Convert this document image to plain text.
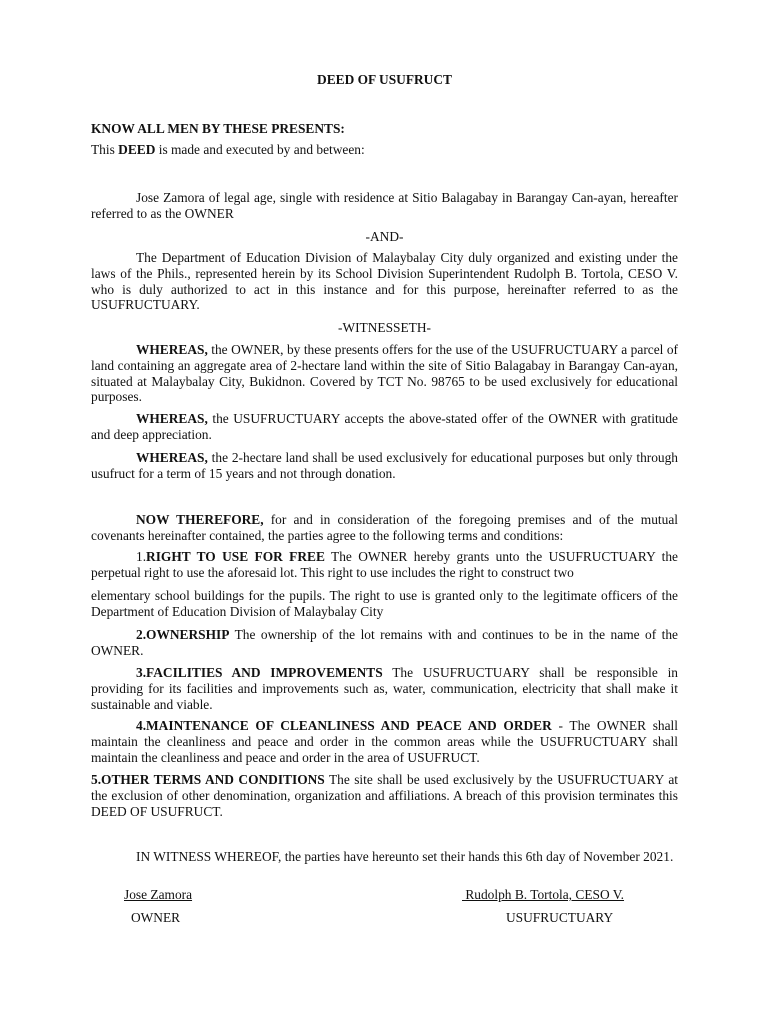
DEED OF USUFRUCT

KNOW ALL MEN BY THESE PRESENTS:

This DEED is made and executed by and between:

Jose Zamora of legal age, single with residence at Sitio Balagabay in Barangay Can-ayan, hereafter referred to as the OWNER

-AND-

The Department of Education Division of Malaybalay City duly organized and existing under the laws of the Phils., represented herein by its School Division Superintendent Rudolph B. Tortola, CESO V. who is duly authorized to act in this instance and for this purpose, hereinafter referred to as the USUFRUCTUARY.

-WITNESSETH-

WHEREAS, the OWNER, by these presents offers for the use of the USUFRUCTUARY a parcel of land containing an aggregate area of 2-hectare land within the site of Sitio Balagabay in Barangay Can-ayan, situated at Malaybalay City, Bukidnon. Covered by TCT No. 98765 to be used exclusively for educational purposes.

WHEREAS, the USUFRUCTUARY accepts the above-stated offer of the OWNER with gratitude and deep appreciation.

WHEREAS, the 2-hectare land shall be used exclusively for educational purposes but only through usufruct for a term of 15 years and not through donation.

NOW THEREFORE, for and in consideration of the foregoing premises and of the mutual covenants hereinafter contained, the parties agree to the following terms and conditions:

1.RIGHT TO USE FOR FREE The OWNER hereby grants unto the USUFRUCTUARY the perpetual right to use the aforesaid lot. This right to use includes the right to construct two

elementary school buildings for the pupils. The right to use is granted only to the legitimate officers of the Department of Education Division of Malaybalay City

2.OWNERSHIP The ownership of the lot remains with and continues to be in the name of the OWNER.

3.FACILITIES AND IMPROVEMENTS The USUFRUCTUARY shall be responsible in providing for its facilities and improvements such as, water, communication, electricity that shall make it sustainable and viable.

4.MAINTENANCE OF CLEANLINESS AND PEACE AND ORDER - The OWNER shall maintain the cleanliness and peace and order in the common areas while the USUFRUCTUARY shall maintain the cleanliness and peace and order in the area of USUFRUCT.

5.OTHER TERMS AND CONDITIONS The site shall be used exclusively by the USUFRUCTUARY at the exclusion of other denomination, organization and affiliations. A breach of this provision terminates this DEED OF USUFRUCT.

IN WITNESS WHEREOF, the parties have hereunto set their hands this 6th day of November 2021.

Jose Zamora
OWNER
Rudolph B. Tortola, CESO V.
USUFRUCTUARY
